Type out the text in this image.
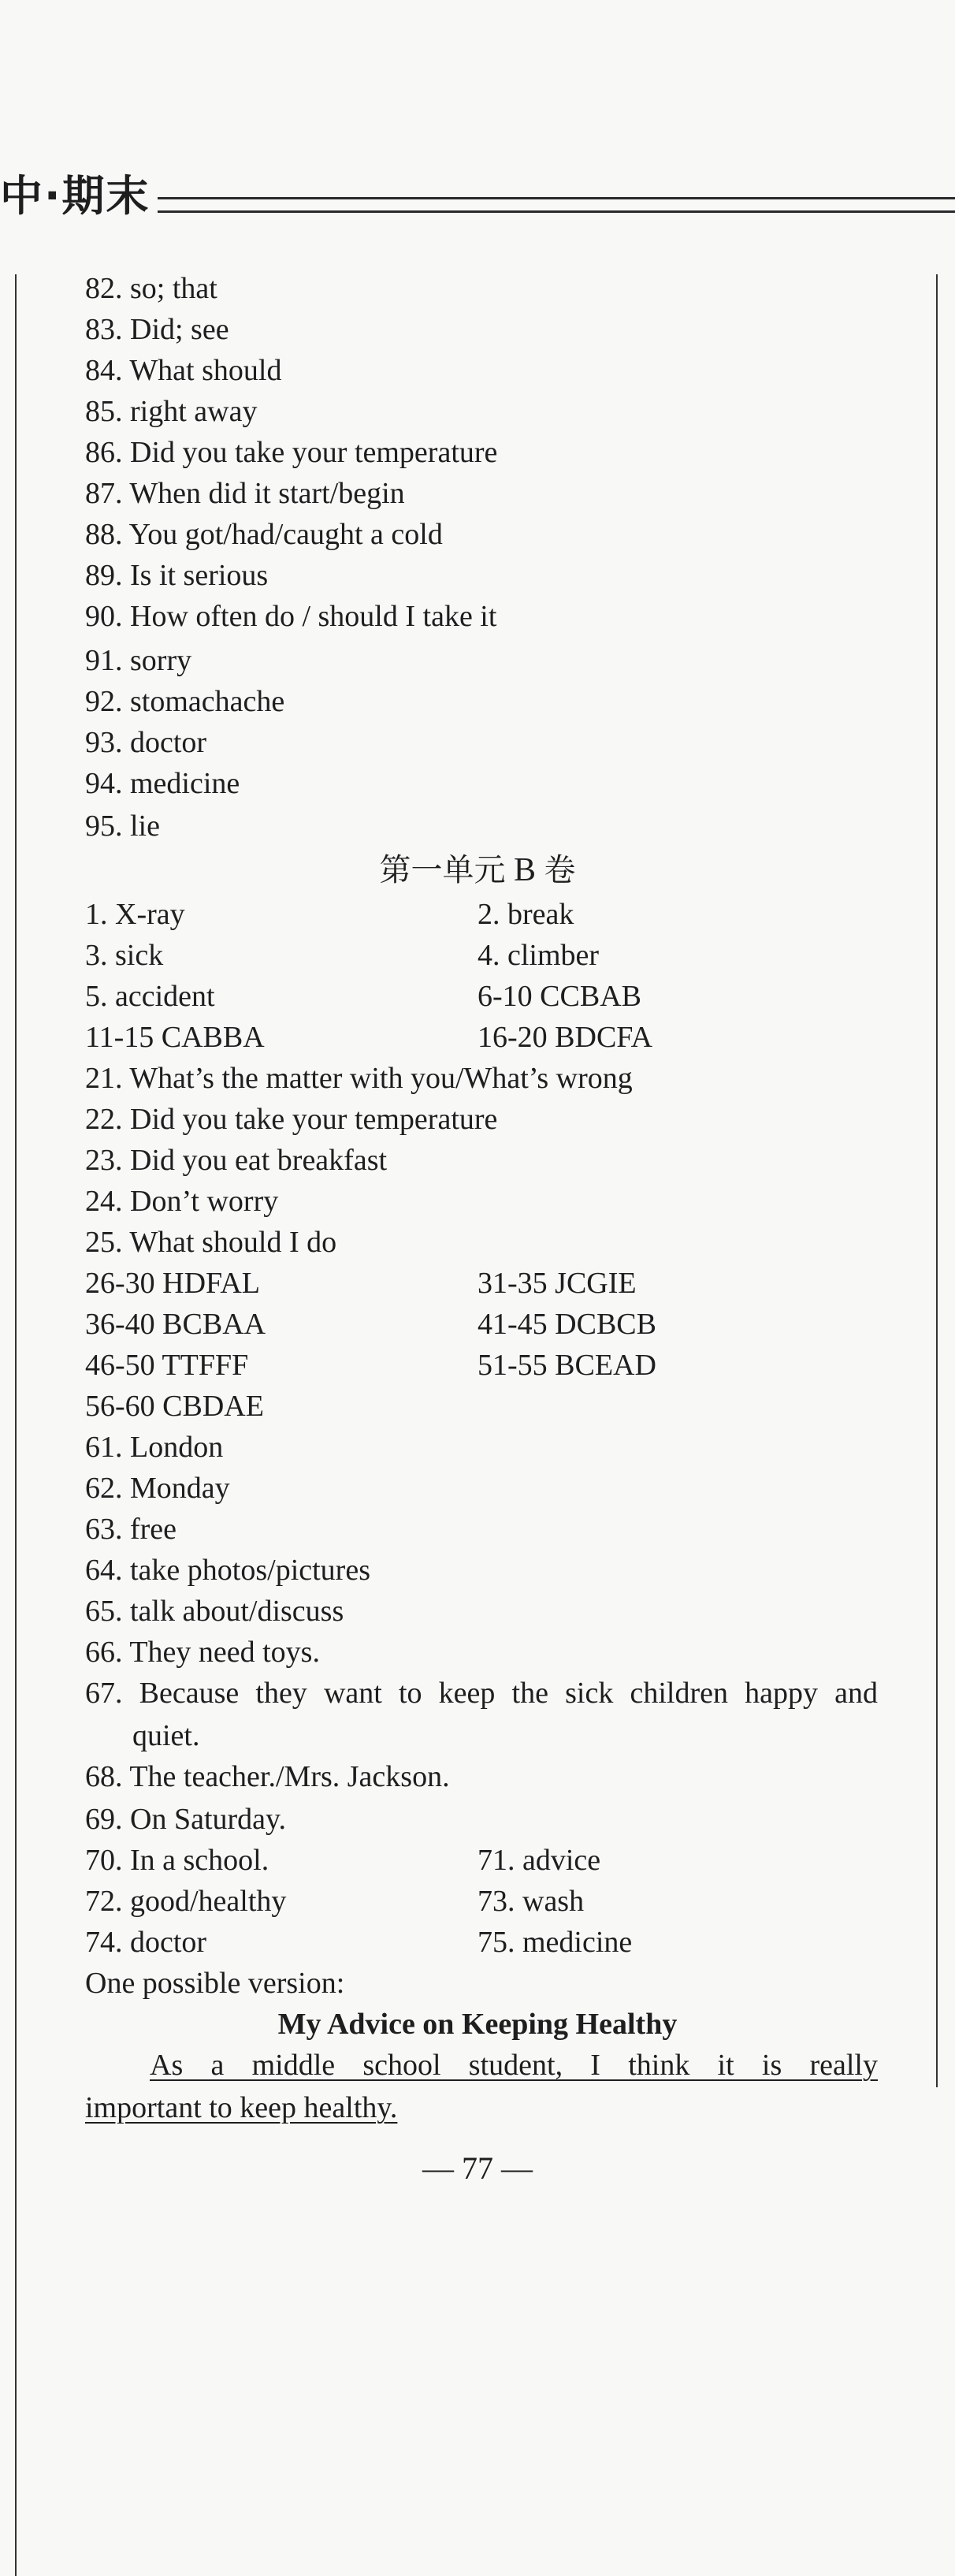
中·期末
82. so; that
83. Did; see
84. What should
85. right away
86. Did you take your temperature
87. When did it start/begin
88. You got/had/caught a cold
89. Is it serious
90. How often do / should I take it
91. sorry
92. stomachache
93. doctor
94. medicine
95. lie
第一单元 B 卷
1. X-ray	2. break
3. sick	4. climber
5. accident	6-10 CCBAB
11-15 CABBA	16-20 BDCFA
21. What’s the matter with you/What’s wrong
22. Did you take your temperature
23. Did you eat breakfast
24. Don’t worry
25. What should I do
26-30 HDFAL	31-35 JCGIE
36-40 BCBAA	41-45 DCBCB
46-50 TTFFF	51-55 BCEAD
56-60 CBDAE
61. London
62. Monday
63. free
64. take photos/pictures
65. talk about/discuss
66. They need toys.
67. Because they want to keep the sick children happy and
quiet.
68. The teacher./Mrs. Jackson.
69. On Saturday.
70. In a school.	71. advice
72. good/healthy	73. wash
74. doctor	75. medicine
One possible version:
My Advice on Keeping Healthy
As a middle school student, I think it is really
important to keep healthy.
— 77 —
